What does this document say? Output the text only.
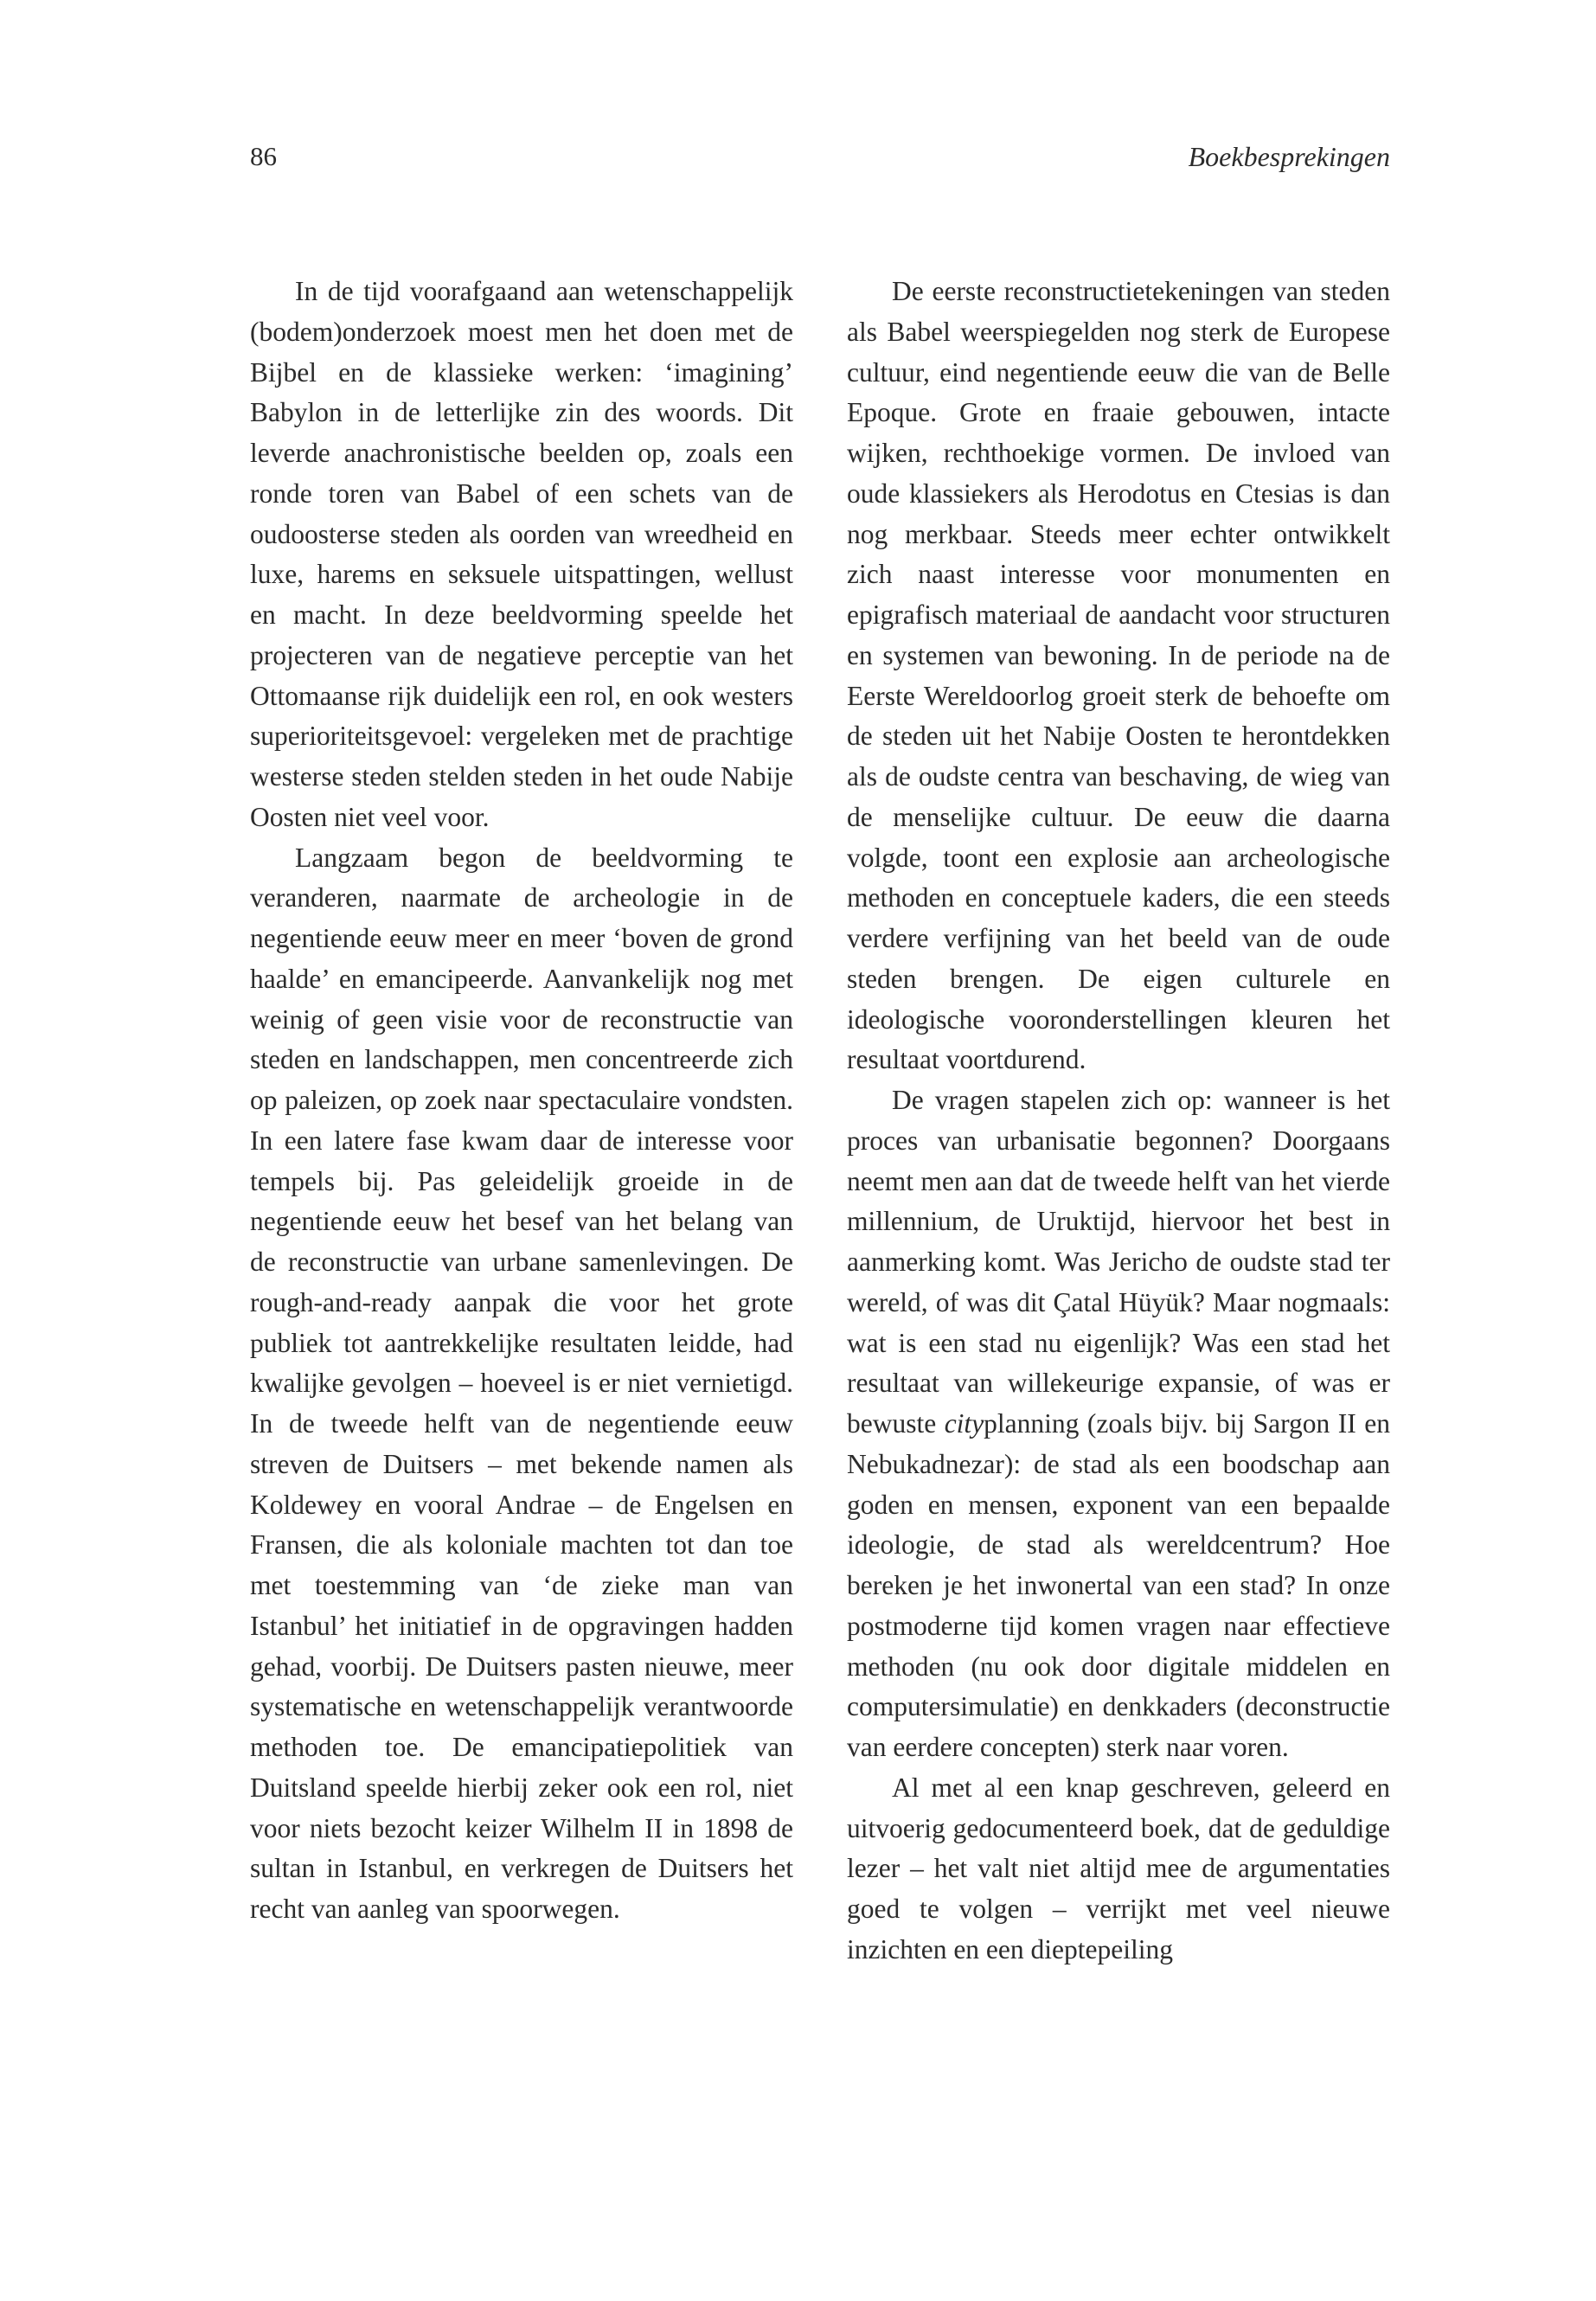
86	Boekbesprekingen

In de tijd voorafgaand aan wetenschappelijk (bodem)onderzoek moest men het doen met de Bijbel en de klassieke werken: ‘imagining’ Babylon in de letterlijke zin des woords. Dit leverde anachronistische beelden op, zoals een ronde toren van Babel of een schets van de oudoosterse steden als oorden van wreedheid en luxe, harems en seksuele uitspattingen, wellust en macht. In deze beeldvorming speelde het projecteren van de negatieve perceptie van het Ottomaanse rijk duidelijk een rol, en ook westers superioriteitsgevoel: vergeleken met de prachtige westerse steden stelden steden in het oude Nabije Oosten niet veel voor.

Langzaam begon de beeldvorming te veranderen, naarmate de archeologie in de negentiende eeuw meer en meer ‘boven de grond haalde’ en emancipeerde. Aanvankelijk nog met weinig of geen visie voor de reconstructie van steden en landschappen, men concentreerde zich op paleizen, op zoek naar spectaculaire vondsten. In een latere fase kwam daar de interesse voor tempels bij. Pas geleidelijk groeide in de negentiende eeuw het besef van het belang van de reconstructie van urbane samenlevingen. De rough-and-ready aanpak die voor het grote publiek tot aantrekkelijke resultaten leidde, had kwalijke gevolgen – hoeveel is er niet vernietigd. In de tweede helft van de negentiende eeuw streven de Duitsers – met bekende namen als Koldewey en vooral Andrae – de Engelsen en Fransen, die als koloniale machten tot dan toe met toestemming van ‘de zieke man van Istanbul’ het initiatief in de opgravingen hadden gehad, voorbij. De Duitsers pasten nieuwe, meer systematische en wetenschappelijk verantwoorde methoden toe. De emancipatiepolitiek van Duitsland speelde hierbij zeker ook een rol, niet voor niets bezocht keizer Wilhelm II in 1898 de sultan in Istanbul, en verkregen de Duitsers het recht van aanleg van spoorwegen.

De eerste reconstructietekeningen van steden als Babel weerspiegelden nog sterk de Europese cultuur, eind negentiende eeuw die van de Belle Epoque. Grote en fraaie gebouwen, intacte wijken, rechthoekige vormen. De invloed van oude klassiekers als Herodotus en Ctesias is dan nog merkbaar. Steeds meer echter ontwikkelt zich naast interesse voor monumenten en epigrafisch materiaal de aandacht voor structuren en systemen van bewoning. In de periode na de Eerste Wereldoorlog groeit sterk de behoefte om de steden uit het Nabije Oosten te herontdekken als de oudste centra van beschaving, de wieg van de menselijke cultuur. De eeuw die daarna volgde, toont een explosie aan archeologische methoden en conceptuele kaders, die een steeds verdere verfijning van het beeld van de oude steden brengen. De eigen culturele en ideologische vooronderstellingen kleuren het resultaat voortdurend.

De vragen stapelen zich op: wanneer is het proces van urbanisatie begonnen? Doorgaans neemt men aan dat de tweede helft van het vierde millennium, de Uruktijd, hiervoor het best in aanmerking komt. Was Jericho de oudste stad ter wereld, of was dit Çatal Hüyük? Maar nogmaals: wat is een stad nu eigenlijk? Was een stad het resultaat van willekeurige expansie, of was er bewuste cityplanning (zoals bijv. bij Sargon II en Nebukadnezar): de stad als een boodschap aan goden en mensen, exponent van een bepaalde ideologie, de stad als wereldcentrum? Hoe bereken je het inwonertal van een stad? In onze postmoderne tijd komen vragen naar effectieve methoden (nu ook door digitale middelen en computersimulatie) en denkkaders (deconstructie van eerdere concepten) sterk naar voren.

Al met al een knap geschreven, geleerd en uitvoerig gedocumenteerd boek, dat de geduldige lezer – het valt niet altijd mee de argumentaties goed te volgen – verrijkt met veel nieuwe inzichten en een dieptepeiling
